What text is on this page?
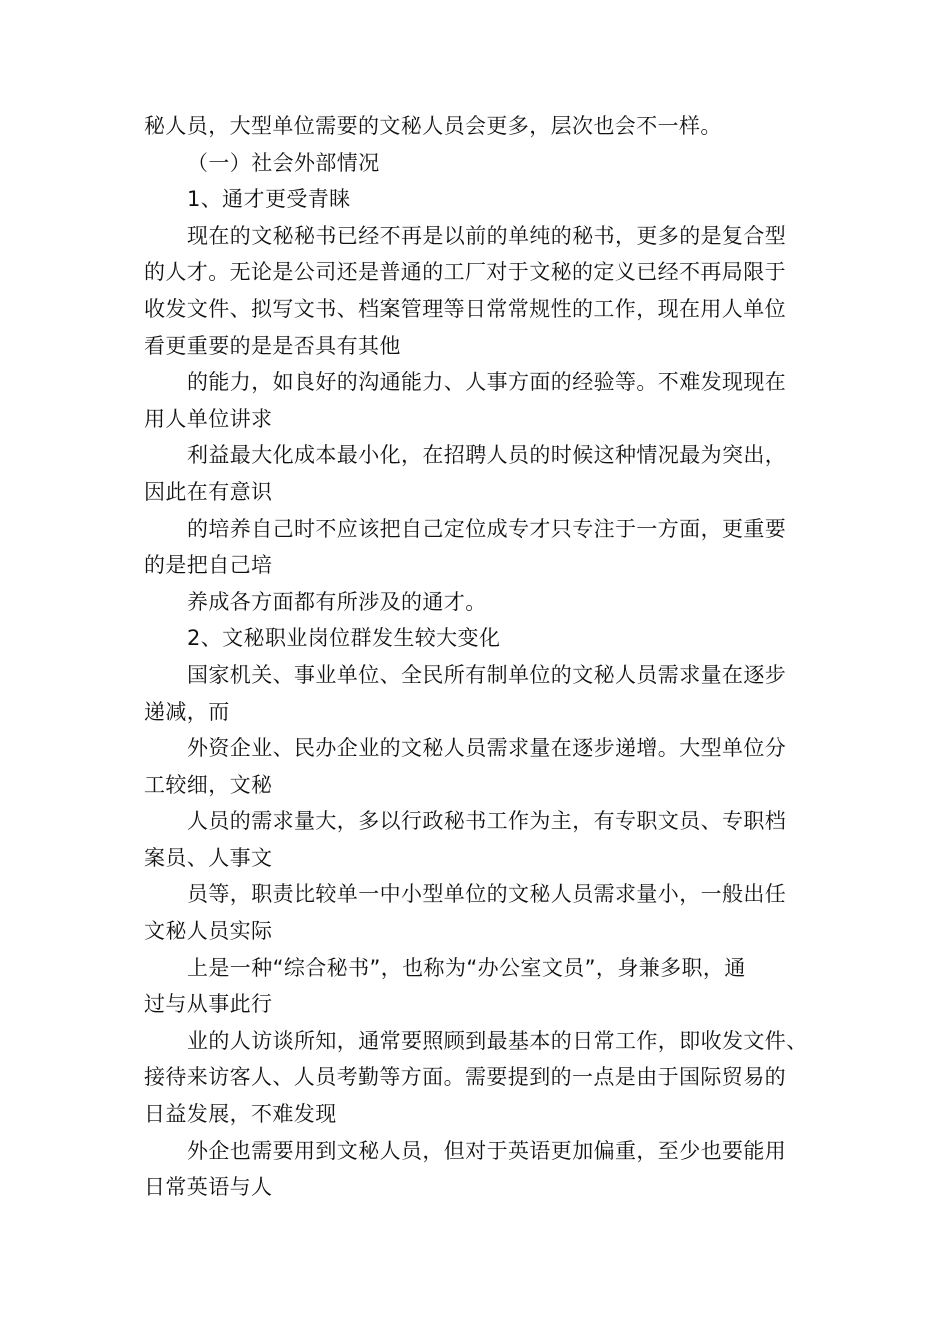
秘人员，大型单位需要的文秘人员会更多，层次也会不一样。
（一）社会外部情况
1、通才更受青睐
现在的文秘秘书已经不再是以前的单纯的秘书，更多的是复合型
的人才。无论是公司还是普通的工厂对于文秘的定义已经不再局限于
收发文件、拟写文书、档案管理等日常常规性的工作，现在用人单位
看更重要的是是否具有其他
的能力，如良好的沟通能力、人事方面的经验等。不难发现现在
用人单位讲求
利益最大化成本最小化，在招聘人员的时候这种情况最为突出，
因此在有意识
的培养自己时不应该把自己定位成专才只专注于一方面，更重要
的是把自己培
养成各方面都有所涉及的通才。
2、文秘职业岗位群发生较大变化
国家机关、事业单位、全民所有制单位的文秘人员需求量在逐步
递减，而
外资企业、民办企业的文秘人员需求量在逐步递增。大型单位分
工较细，文秘
人员的需求量大，多以行政秘书工作为主，有专职文员、专职档
案员、人事文
员等，职责比较单一中小型单位的文秘人员需求量小，一般出任
文秘人员实际
上是一种“综合秘书”，也称为“办公室文员”，身兼多职，通
过与从事此行
业的人访谈所知，通常要照顾到最基本的日常工作，即收发文件、
接待来访客人、人员考勤等方面。需要提到的一点是由于国际贸易的
日益发展，不难发现
外企也需要用到文秘人员，但对于英语更加偏重，至少也要能用
日常英语与人
